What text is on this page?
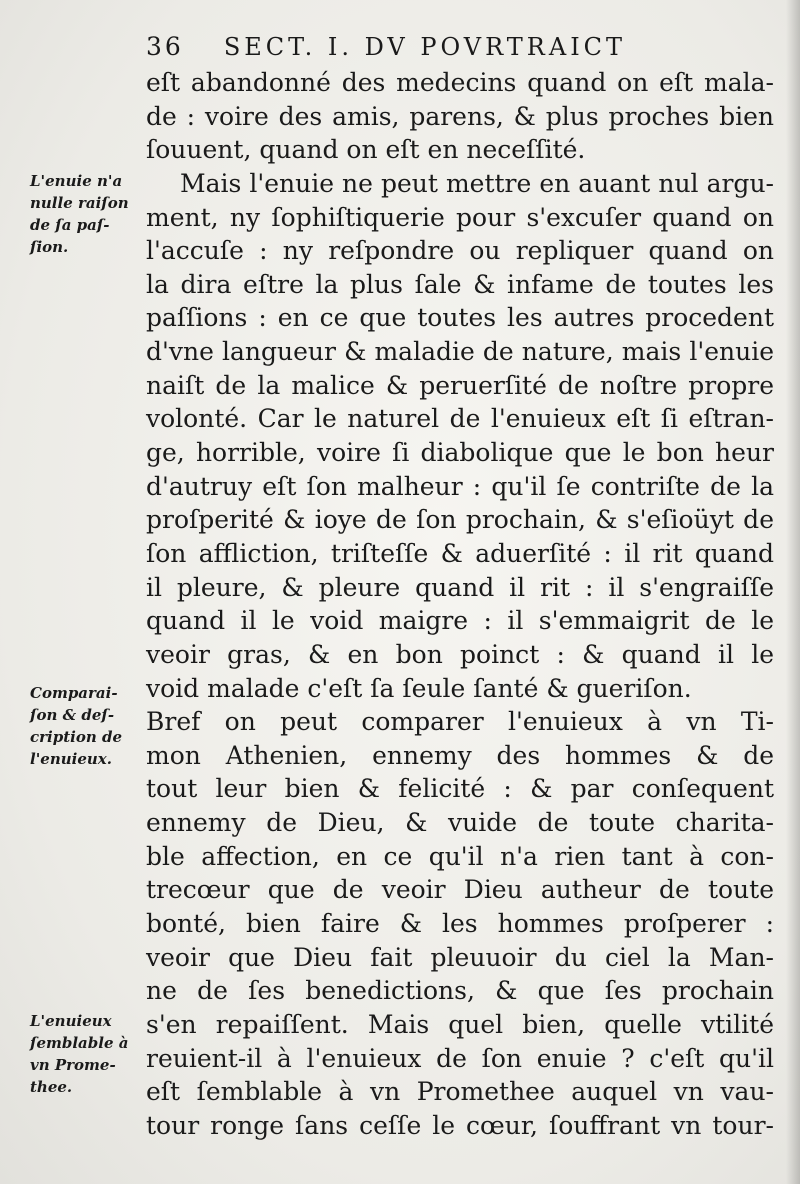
36 SECT. I. DV POVRTRAICT
eſt abandonné des medecins quand on eſt mala-
de : voire des amis, parens, & plus proches bien
ſouuent, quand on eſt en neceſſité.
Mais l'enuie ne peut mettre en auant nul argu-
ment, ny ſophiſtiquerie pour s'excuſer quand on
l'accuſe : ny reſpondre ou repliquer quand on
la dira eſtre la plus ſale & infame de toutes les
paſſions : en ce que toutes les autres procedent
d'vne langueur & maladie de nature, mais l'enuie
naiſt de la malice & peruerſité de noſtre propre
volonté. Car le naturel de l'enuieux eſt ſi eſtran-
ge, horrible, voire ſi diabolique que le bon heur
d'autruy eſt ſon malheur : qu'il ſe contriſte de la
proſperité & ioye de ſon prochain, & s'eſioüyt de
ſon affliction, triſteſſe & aduerſité : il rit quand
il pleure, & pleure quand il rit : il s'engraiſſe
quand il le void maigre : il s'emmaigrit de le
veoir gras, & en bon poinct : & quand il le
void malade c'eſt ſa ſeule ſanté & gueriſon.
Bref on peut comparer l'enuieux à vn Ti-
mon Athenien, ennemy des hommes & de
tout leur bien & felicité : & par conſequent
ennemy de Dieu, & vuide de toute charita-
ble affection, en ce qu'il n'a rien tant à con-
trecœur que de veoir Dieu autheur de toute
bonté, bien faire & les hommes proſperer :
veoir que Dieu fait pleuuoir du ciel la Man-
ne de ſes benedictions, & que ſes prochain
s'en repaiſſent. Mais quel bien, quelle vtilité
reuient-il à l'enuieux de ſon enuie ? c'eſt qu'il
eſt ſemblable à vn Promethee auquel vn vau-
tour ronge ſans ceſſe le cœur, ſouffrant vn tour-
L'enuie n'a
nulle raiſon
de ſa paſ-
ſion.
Comparai-
ſon & deſ-
cription de
l'enuieux.
L'enuieux
ſemblable à
vn Prome-
thee.
